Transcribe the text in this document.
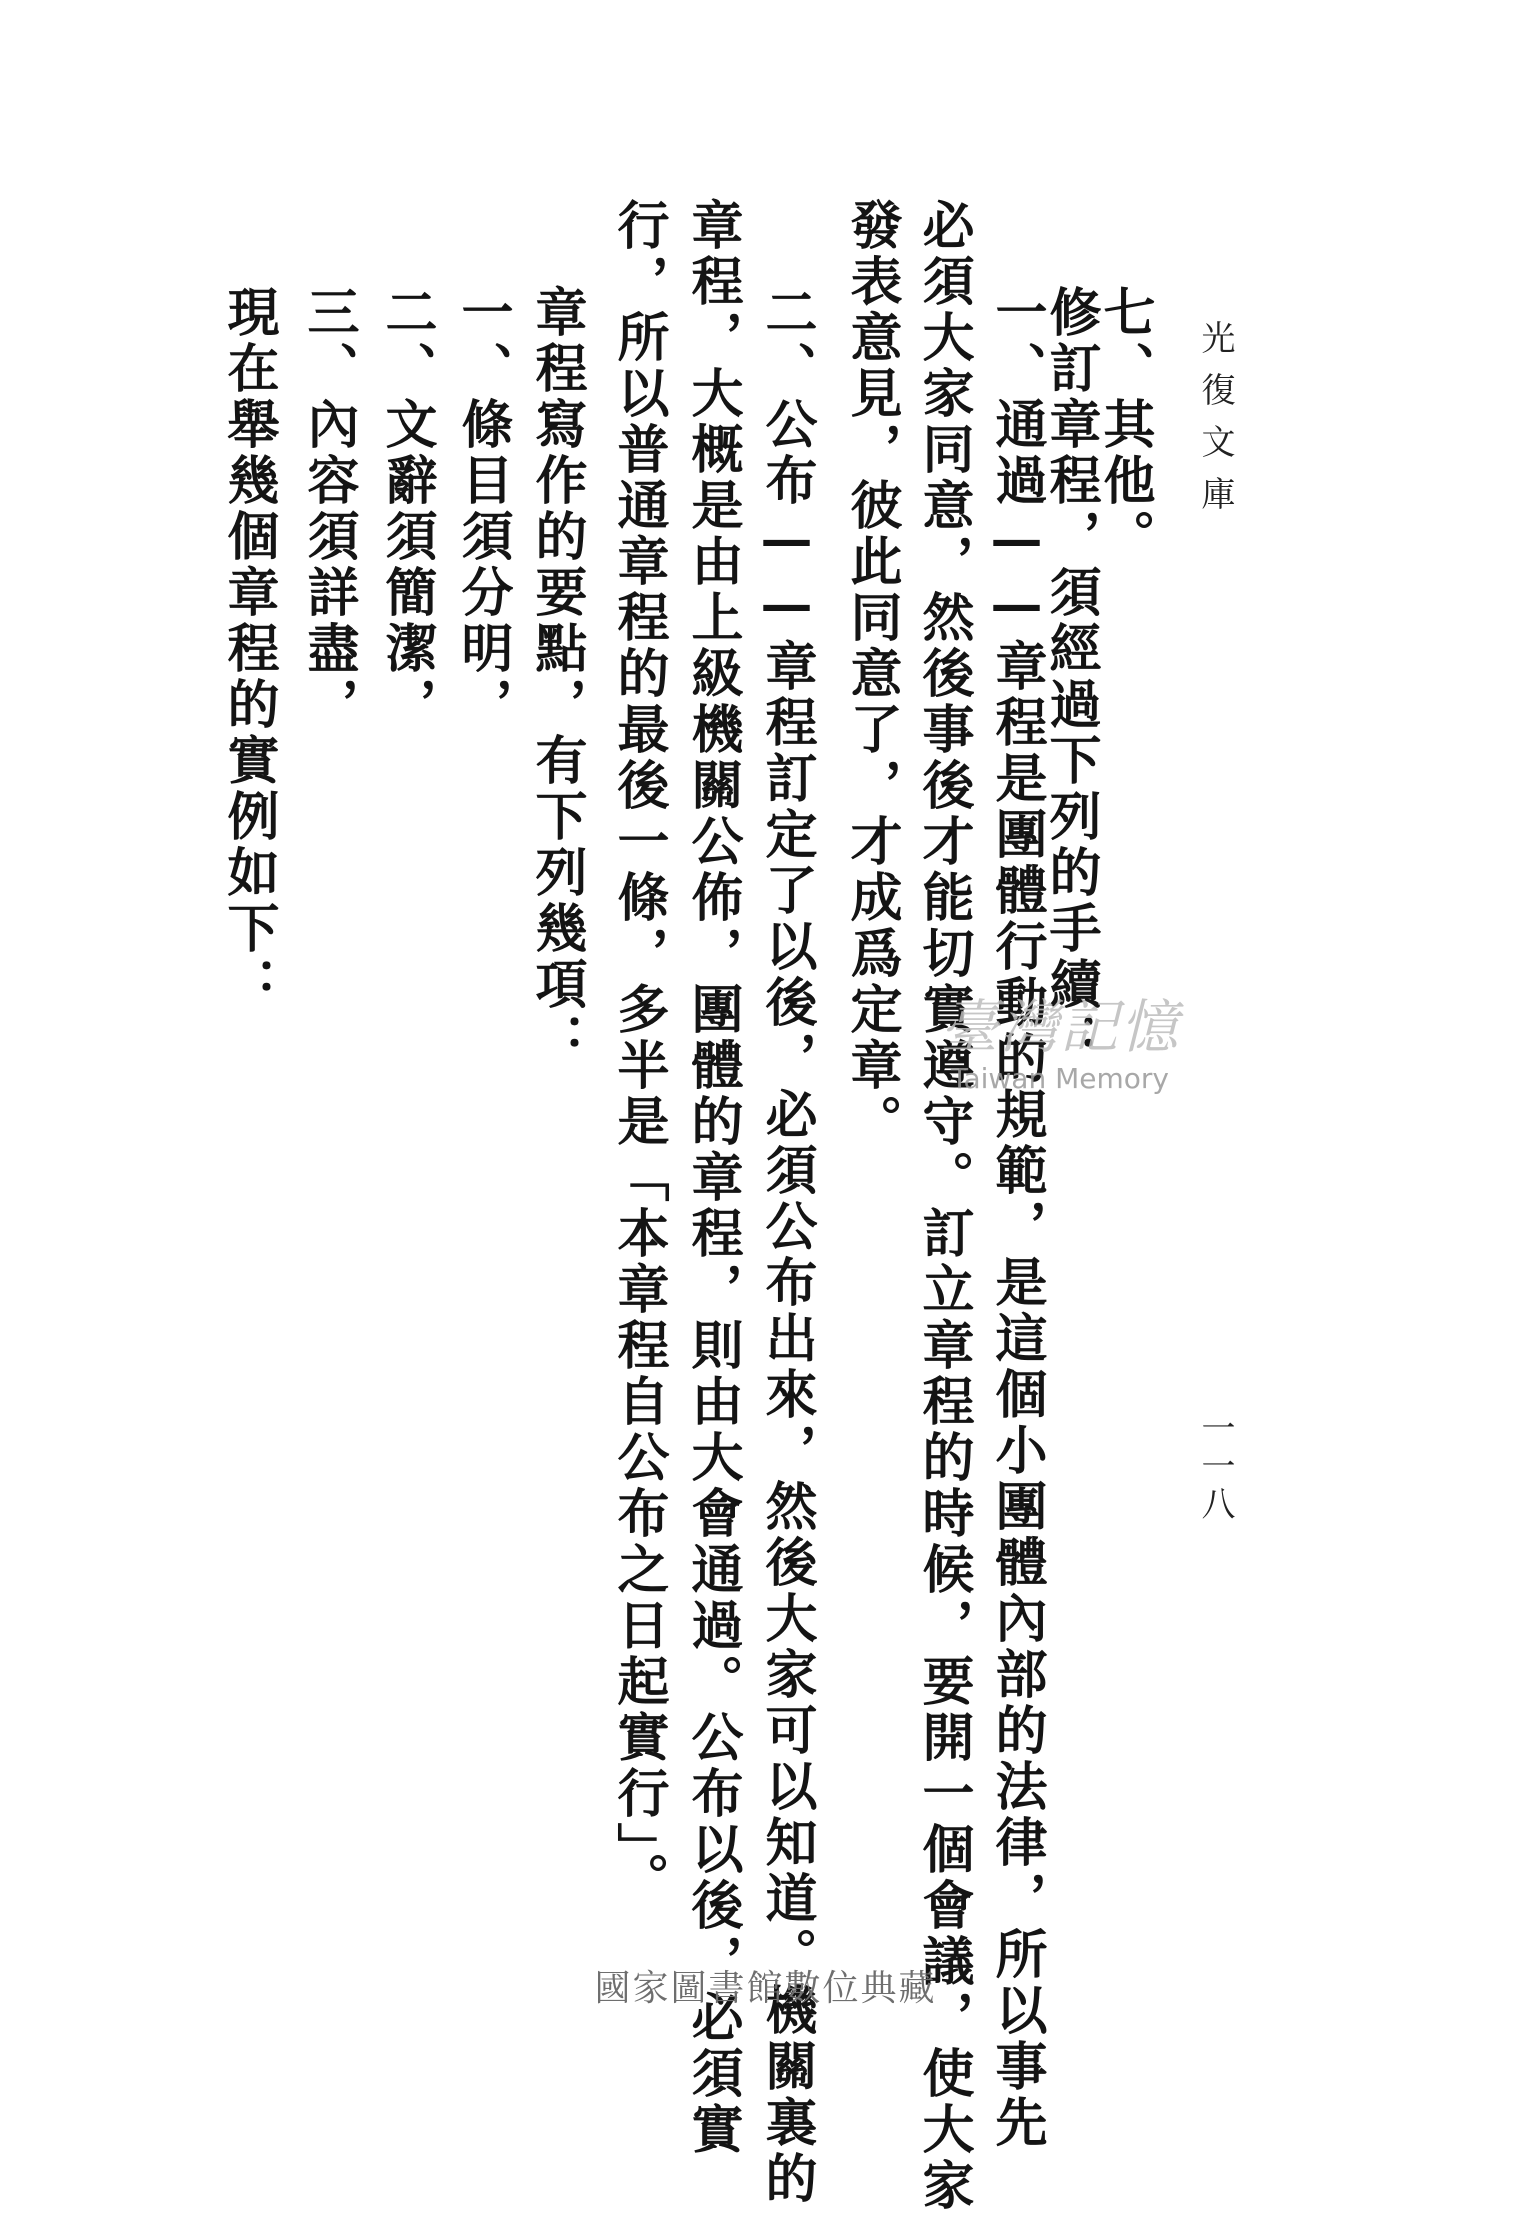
光復文庫
一一八
七、其他。
修訂章程，須經過下列的手續：
一、通過——章程是團體行動的規範，是這個小團體內部的法律，所以事先
必須大家同意，然後事後才能切實遵守。訂立章程的時候，要開一個會議，使大家
發表意見，彼此同意了，才成爲定章。
二、公布——章程訂定了以後，必須公布出來，然後大家可以知道。機關裏的
章程，大概是由上級機關公佈，團體的章程，則由大會通過。公布以後，必須實
行，所以普通章程的最後一條，多半是「本章程自公布之日起實行」。
章程寫作的要點，有下列幾項：
一、條目須分明，
二、文辭須簡潔，
三、內容須詳盡，
現在舉幾個章程的實例如下：
臺灣記憶
Taiwan Memory
國家圖書館數位典藏
